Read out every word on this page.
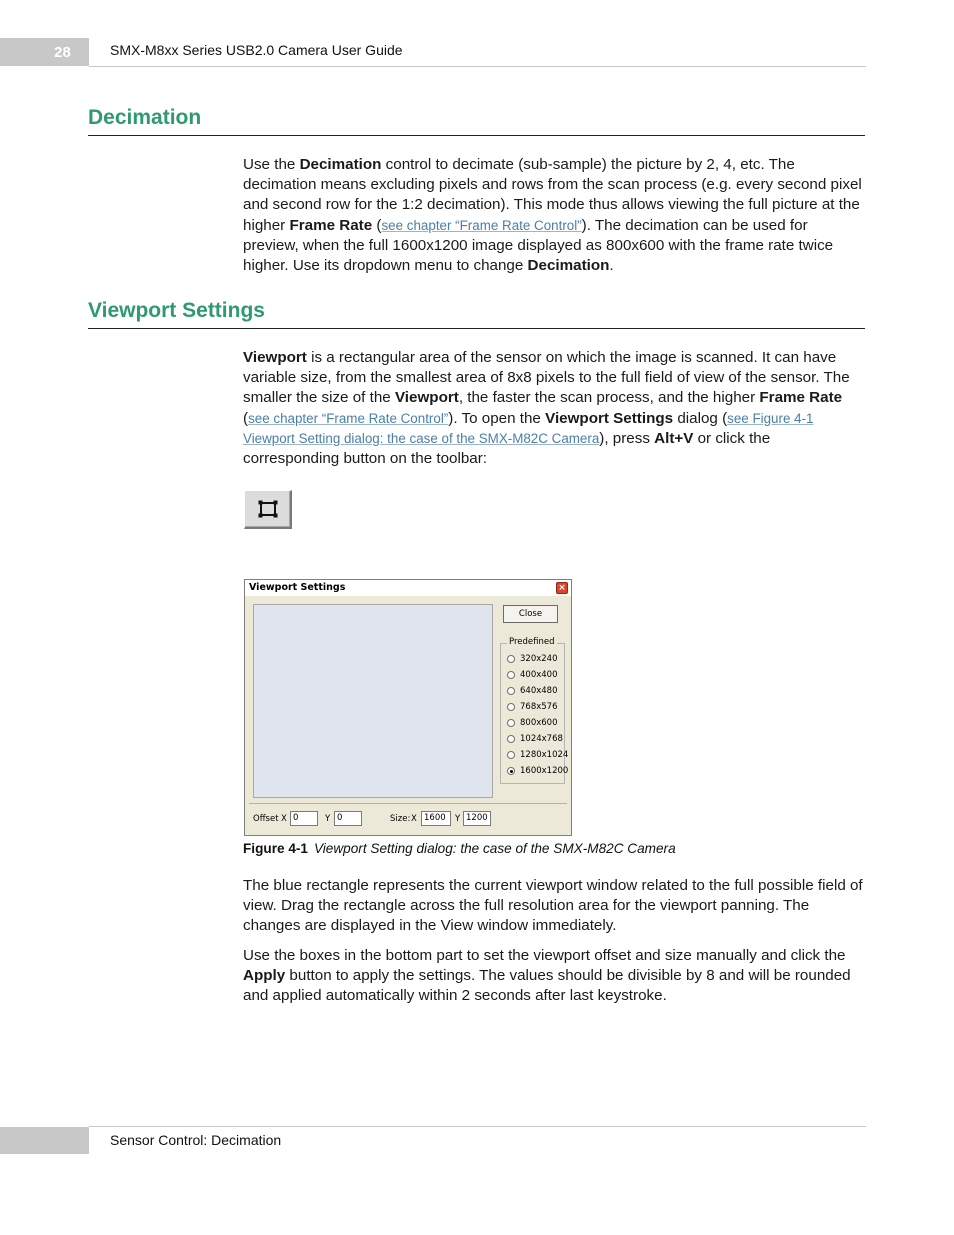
28	SMX-M8xx Series USB2.0 Camera User Guide
Decimation

Use the Decimation control to decimate (sub-sample) the picture by 2, 4, etc. The decimation means excluding pixels and rows from the scan process (e.g. every second pixel and second row for the 1:2 decimation). This mode thus allows viewing the full picture at the higher Frame Rate (see chapter “Frame Rate Control”). The decimation can be used for preview, when the full 1600x1200 image displayed as 800x600 with the frame rate twice higher. Use its dropdown menu to change Decimation.

Viewport Settings

Viewport is a rectangular area of the sensor on which the image is scanned. It can have variable size, from the smallest area of 8x8 pixels to the full field of view of the sensor. The smaller the size of the Viewport, the faster the scan process, and the higher Frame Rate (see chapter “Frame Rate Control”). To open the Viewport Settings dialog (see Figure 4-1 Viewport Setting dialog: the case of the SMX-M82C Camera), press Alt+V or click the corresponding button on the toolbar:

Viewport Settings	×
Close
Predefined
320x240
400x400
640x480
768x576
800x600
1024x768
1280x1024
1600x1200
Offset X 0	Y 0	Size: X 1600	Y 1200
Figure 4-1 Viewport Setting dialog: the case of the SMX-M82C Camera

The blue rectangle represents the current viewport window related to the full possible field of view. Drag the rectangle across the full resolution area for the viewport panning. The changes are displayed in the View window immediately.

Use the boxes in the bottom part to set the viewport offset and size manually and click the Apply button to apply the settings. The values should be divisible by 8 and will be rounded and applied automatically within 2 seconds after last keystroke.

Sensor Control: Decimation
